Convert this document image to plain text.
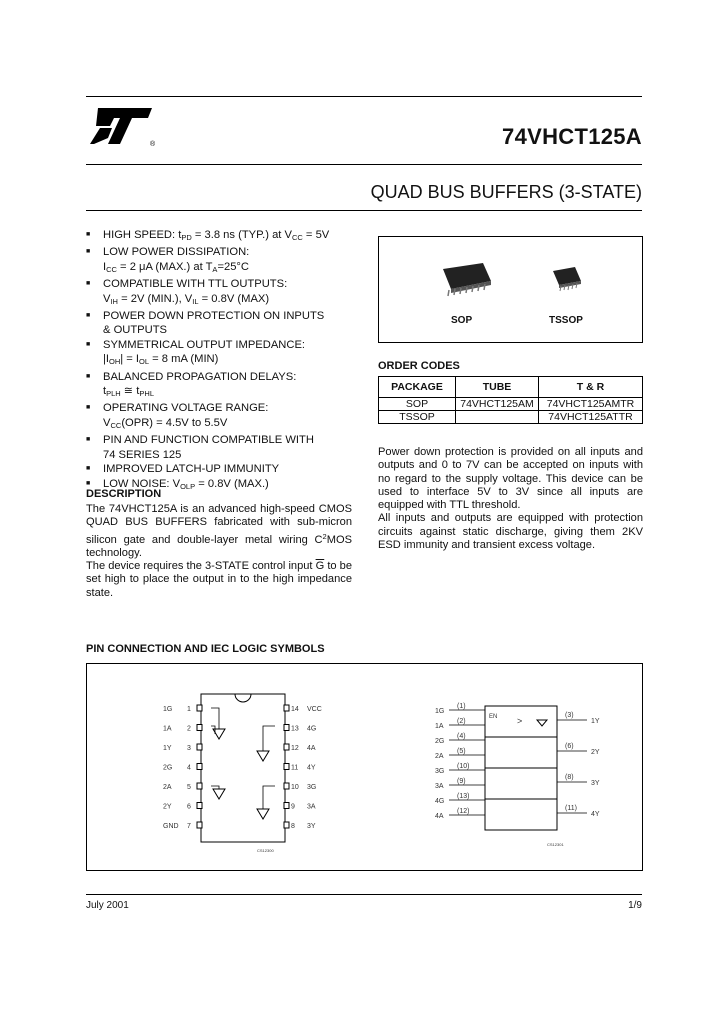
®	74VHCT125A
QUAD BUS BUFFERS (3-STATE)
■ HIGH SPEED: $t_{PD} = 3.8$ ns (TYP.) at $V_{CC} = 5V$
■ LOW POWER DISSIPATION:
$I_{CC} = 2$ μA (MAX.) at $T_A=25^\circ C$
■ COMPATIBLE WITH TTL OUTPUTS:
$V_{IH} = 2V$ (MIN.), $V_{IL} = 0.8V$ (MAX)
■ POWER DOWN PROTECTION ON INPUTS
& OUTPUTS
■ SYMMETRICAL OUTPUT IMPEDANCE:
$|I_{OH}| = I_{OL} = 8$ mA (MIN)
■ BALANCED PROPAGATION DELAYS:
$t_{PLH}$ ≅ $t_{PHL}$
■ OPERATING VOLTAGE RANGE:
$V_{CC}(OPR) = 4.5V$ to 5.5V
■ PIN AND FUNCTION COMPATIBLE WITH
74 SERIES 125
■ IMPROVED LATCH-UP IMMUNITY
■ LOW NOISE: $V_{OLP} = 0.8V$ (MAX.)
DESCRIPTION
The 74VHCT125A is an advanced high-speed CMOS QUAD BUS BUFFERS fabricated with sub-micron silicon gate and double-layer metal wiring $C^2MOS$ technology.
The device requires the 3-STATE control input $\overline{G}$ to be set high to place the output in to the high impedance state.
SOP	TSSOP
ORDER CODES
PACKAGE	TUBE	T & R
SOP	74VHCT125AM	74VHCT125AMTR
TSSOP		74VHCT125ATTR
Power down protection is provided on all inputs and outputs and 0 to 7V can be accepted on inputs with no regard to the supply voltage. This device can be used to interface 5V to 3V since all inputs are equipped with TTL threshold.
All inputs and outputs are equipped with protection circuits against static discharge, giving them 2KV ESD immunity and transient excess voltage.
PIN CONNECTION AND IEC LOGIC SYMBOLS
1G 1	14 VCC
1A 2	13 4G
1Y 3	12 4A
2G 4	11 4Y
2A 5	10 3G
2Y 6	9 3A
GND 7	8 3Y
CS12300
EN >
1G
(1)
1A
(2)
2G
(4)
2A
(5)
3G
(10)
3A
(9)
4G
(13)
4A
(12)
(3)
1Y
(6)
2Y
(8)
3Y
(11)
4Y
CS12301
July 2001	1/9
